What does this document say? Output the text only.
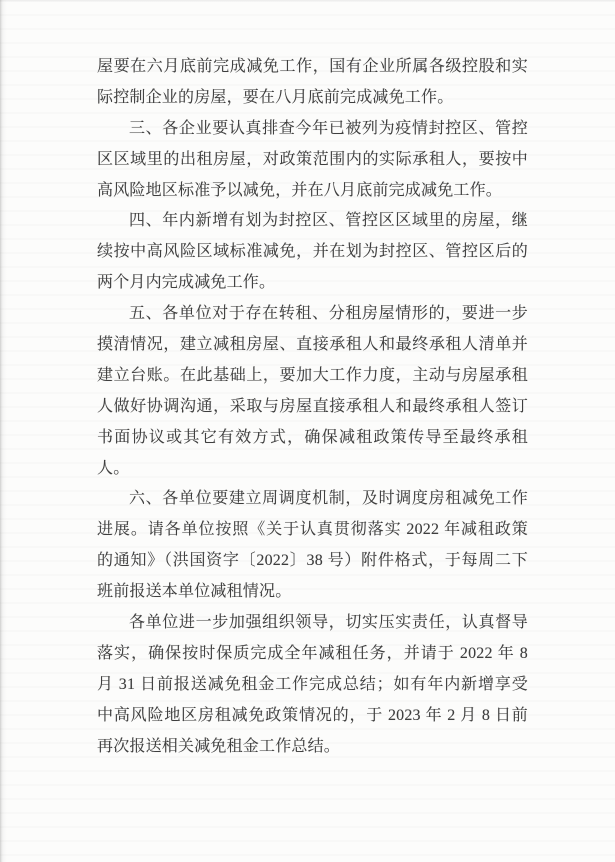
屋要在六月底前完成减免工作，国有企业所属各级控股和实
际控制企业的房屋，要在八月底前完成减免工作。
三、各企业要认真排查今年已被列为疫情封控区、管控
区区域里的出租房屋，对政策范围内的实际承租人，要按中
高风险地区标准予以减免，并在八月底前完成减免工作。
四、年内新增有划为封控区、管控区区域里的房屋，继
续按中高风险区域标准减免，并在划为封控区、管控区后的
两个月内完成减免工作。
五、各单位对于存在转租、分租房屋情形的，要进一步
摸清情况，建立减租房屋、直接承租人和最终承租人清单并
建立台账。在此基础上，要加大工作力度，主动与房屋承租
人做好协调沟通，采取与房屋直接承租人和最终承租人签订
书面协议或其它有效方式，确保减租政策传导至最终承租
人。
六、各单位要建立周调度机制，及时调度房租减免工作
进展。请各单位按照《关于认真贯彻落实 2022 年减租政策
的通知》（洪国资字〔2022〕38 号）附件格式，于每周二下
班前报送本单位减租情况。
各单位进一步加强组织领导，切实压实责任，认真督导
落实，确保按时保质完成全年减租任务，并请于 2022 年 8
月 31 日前报送减免租金工作完成总结；如有年内新增享受
中高风险地区房租减免政策情况的，于 2023 年 2 月 8 日前
再次报送相关减免租金工作总结。
